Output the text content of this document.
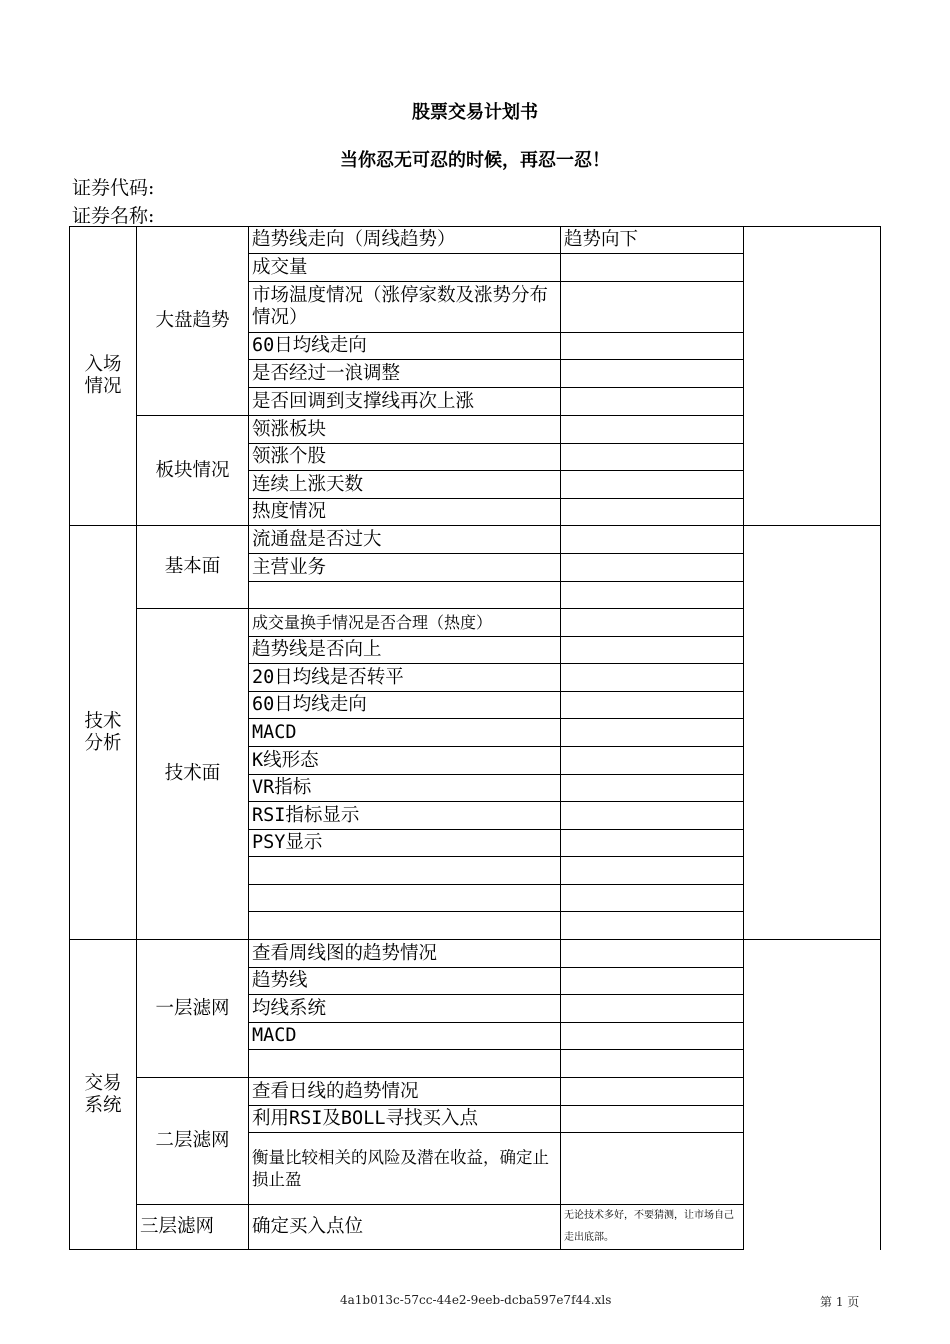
股票交易计划书
当你忍无可忍的时候，再忍一忍！
证券代码:
证券名称:
入场
情况	大盘趋势	趋势线走向（周线趋势）	趋势向下	
		成交量		
		市场温度情况（涨停家数及涨势分布情况）		
		60日均线走向		
		是否经过一浪调整		
		是否回调到支撑线再次上涨		
	板块情况	领涨板块		
		领涨个股		
		连续上涨天数		
		热度情况		
技术
分析	基本面	流通盘是否过大		
		主营业务		

	技术面	成交量换手情况是否合理（热度）		
		趋势线是否向上		
		20日均线是否转平		
		60日均线走向		
		MACD		
		K线形态		
		VR指标		
		RSI指标显示		
		PSY显示		

交易
系统	一层滤网	查看周线图的趋势情况		
		趋势线		
		均线系统		
		MACD		

	二层滤网	查看日线的趋势情况		
		利用RSI及BOLL寻找买入点		
		衡量比较相关的风险及潜在收益，确定止损止盈		
	三层滤网	确定买入点位	无论技术多好，不要猜测，让市场自己走出底部。	
4a1b013c-57cc-44e2-9eeb-dcba597e7f44.xls	第 1 页
